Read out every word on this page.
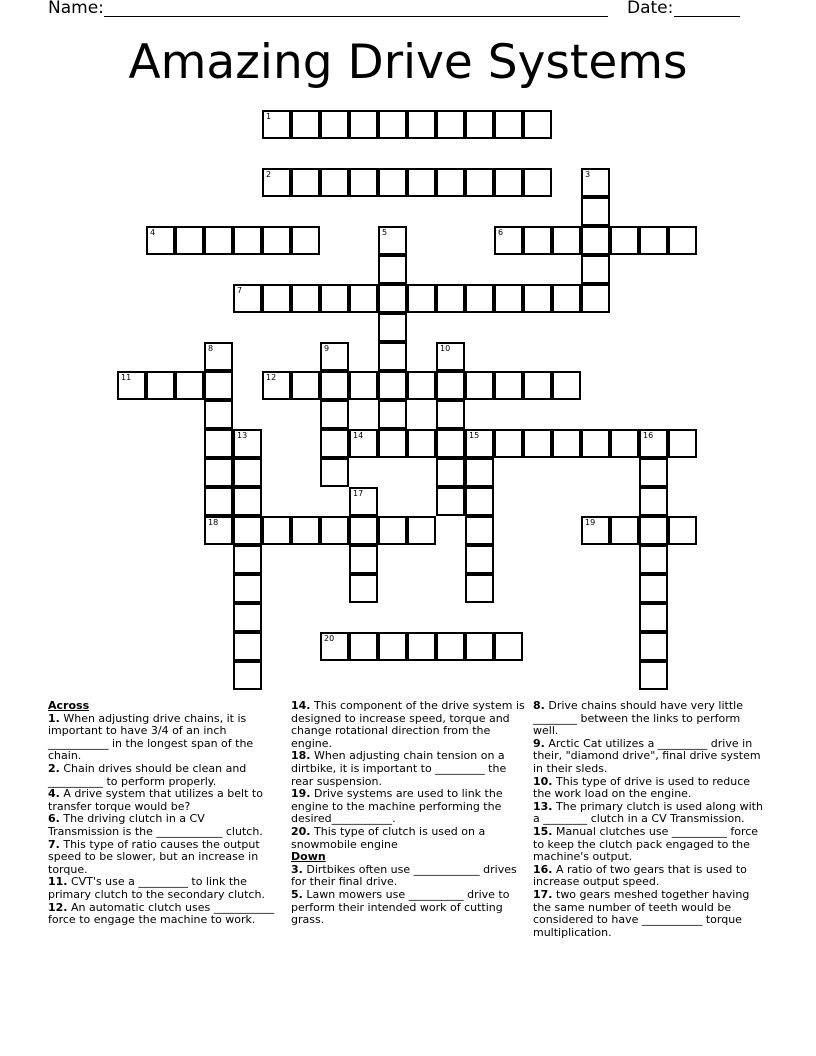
Name:	Date:
Amazing Drive Systems
1
2	3
4	5	6
7
8	9	10
11	12
13	14	15	16
17
18	19
20
Across
1. When adjusting drive chains, it is important to have 3/4 of an inch ___________ in the longest span of the chain.
2. Chain drives should be clean and __________ to perform properly.
4. A drive system that utilizes a belt to transfer torque would be?
6. The driving clutch in a CV Transmission is the ____________ clutch.
7. This type of ratio causes the output speed to be slower, but an increase in torque.
11. CVT's use a _________ to link the primary clutch to the secondary clutch.
12. An automatic clutch uses ___________ force to engage the machine to work.
14. This component of the drive system is designed to increase speed, torque and change rotational direction from the engine.
18. When adjusting chain tension on a dirtbike, it is important to _________ the rear suspension.
19. Drive systems are used to link the engine to the machine performing the desired___________.
20. This type of clutch is used on a snowmobile engine
Down
3. Dirtbikes often use ____________ drives for their final drive.
5. Lawn mowers use __________ drive to perform their intended work of cutting grass.
8. Drive chains should have very little ________ between the links to perform well.
9. Arctic Cat utilizes a _________ drive in their, "diamond drive", final drive system in their sleds.
10. This type of drive is used to reduce the work load on the engine.
13. The primary clutch is used along with a ________ clutch in a CV Transmission.
15. Manual clutches use __________ force to keep the clutch pack engaged to the machine's output.
16. A ratio of two gears that is used to increase output speed.
17. two gears meshed together having the same number of teeth would be considered to have ___________ torque multiplication.
